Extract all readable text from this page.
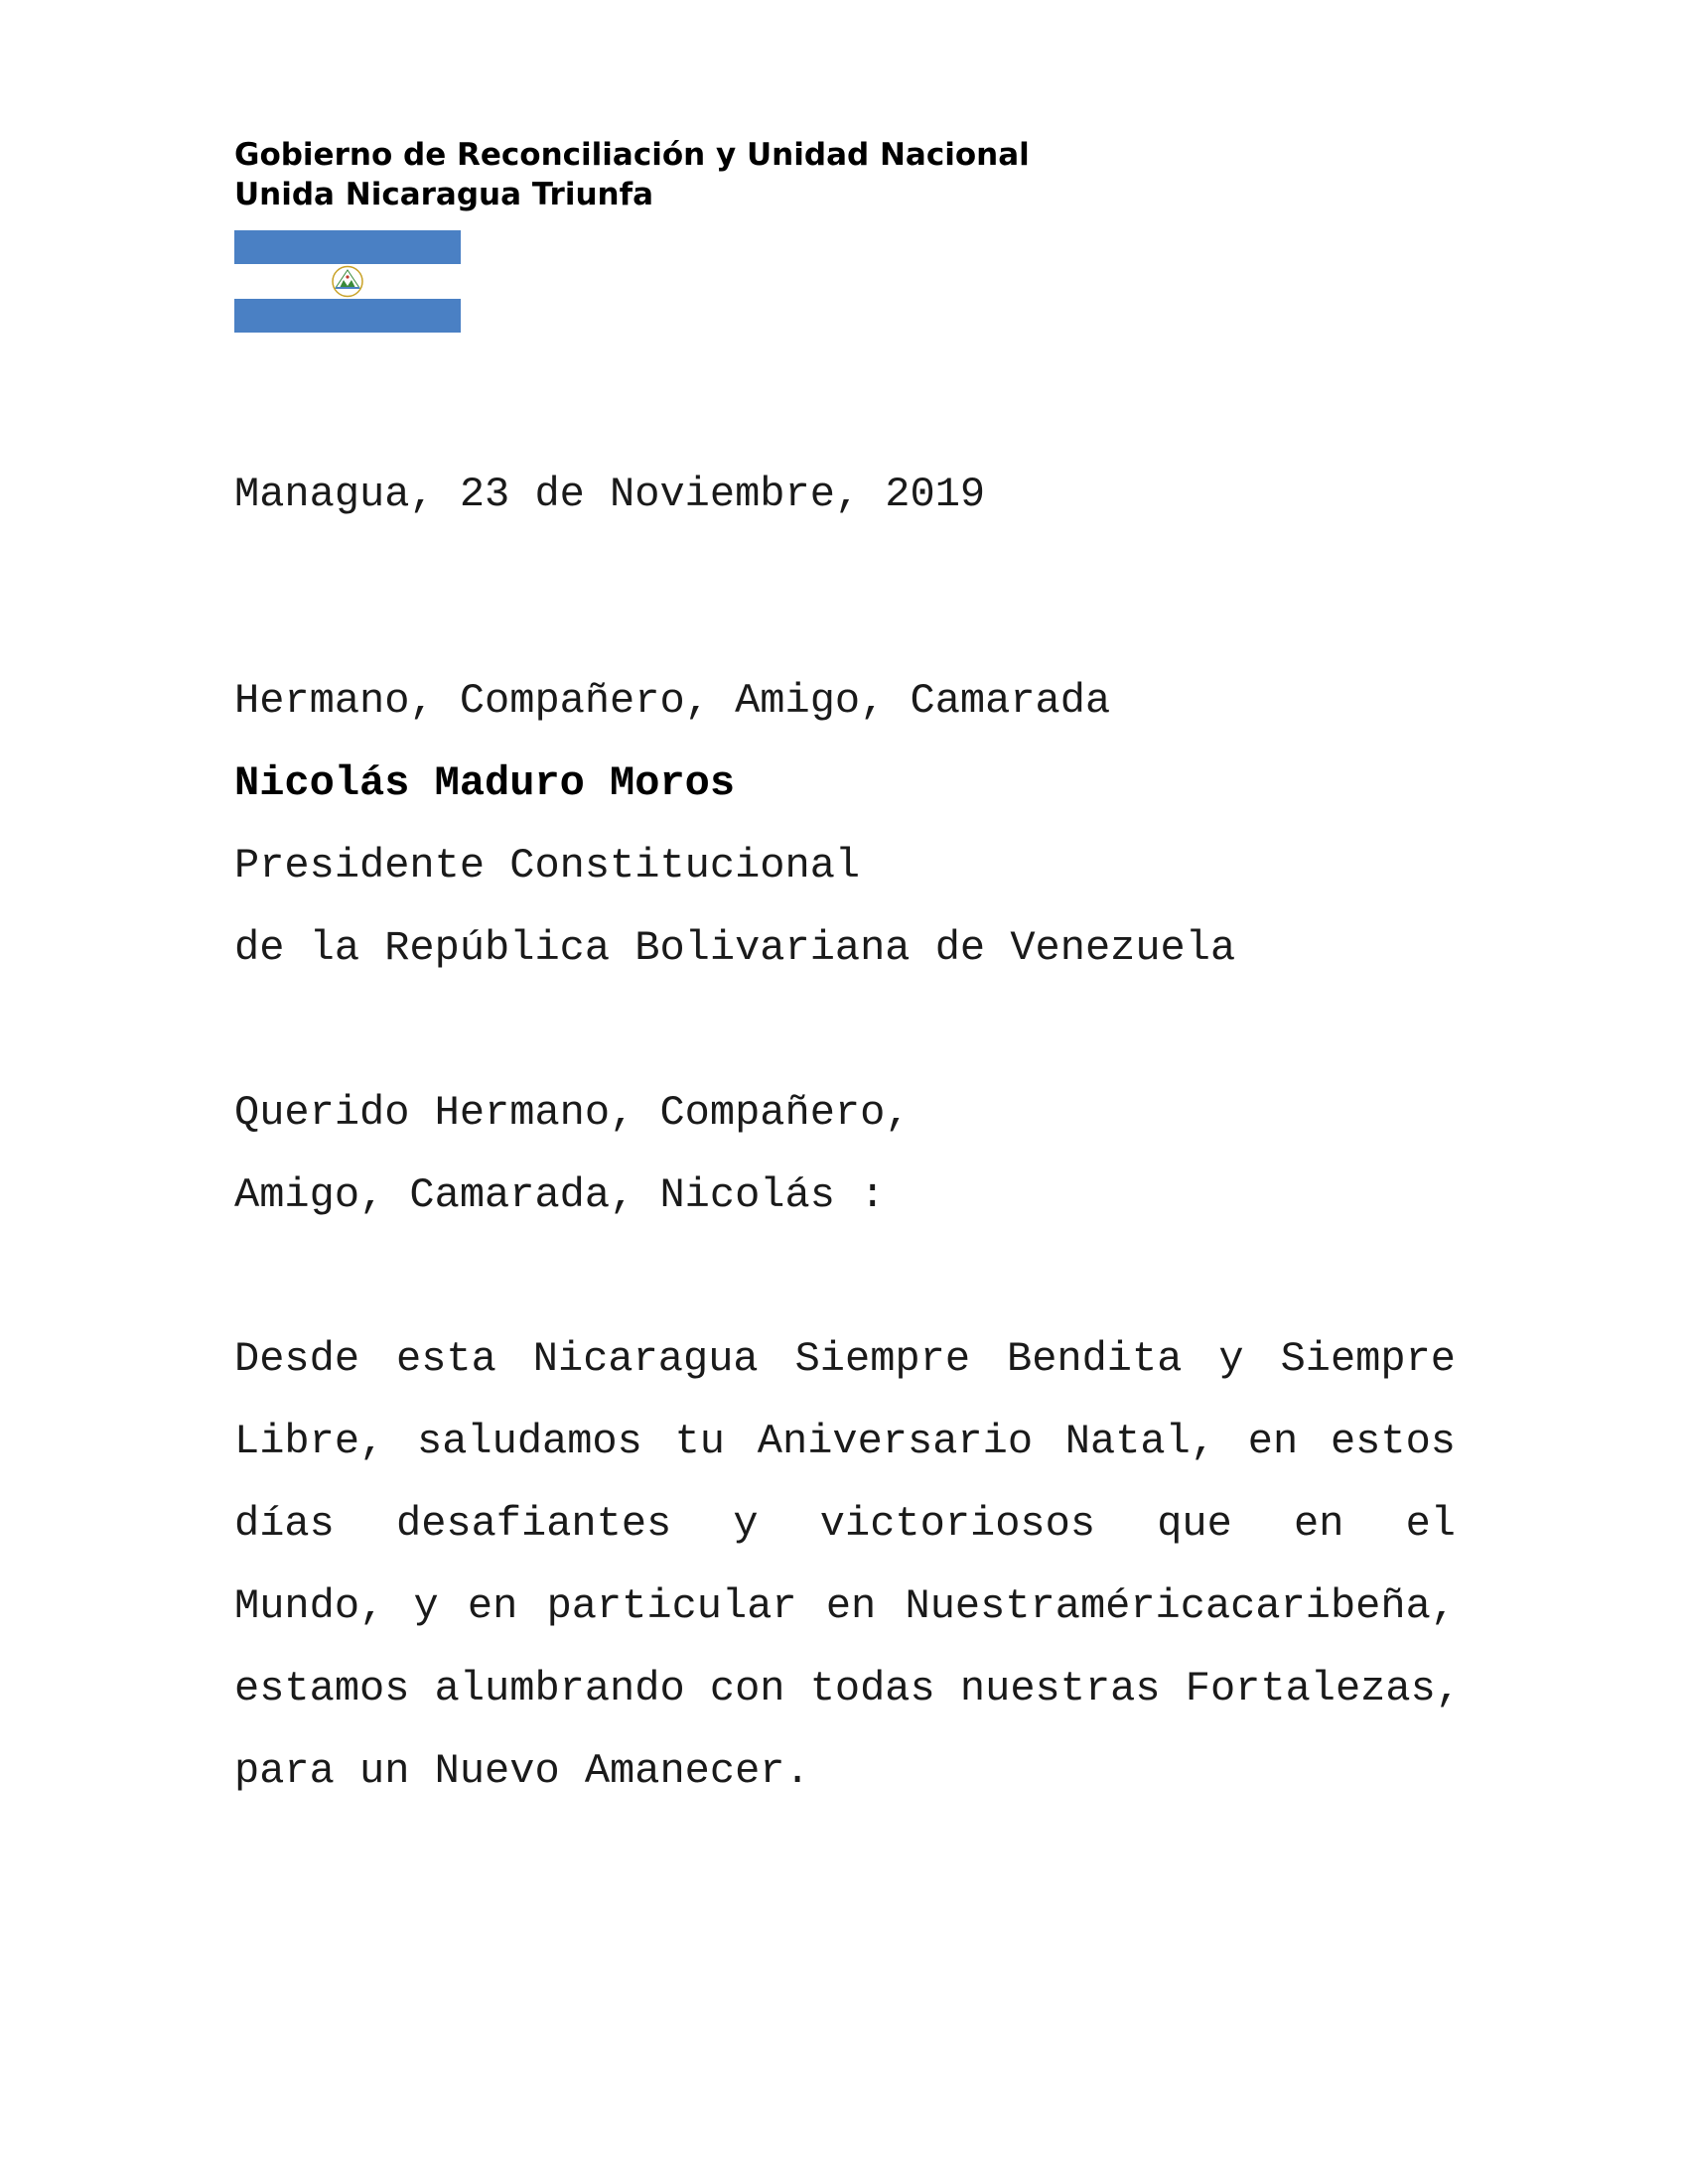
Gobierno de Reconciliación y Unidad Nacional
Unida Nicaragua Triunfa
Managua, 23 de Noviembre, 2019
Hermano, Compañero, Amigo, Camarada
Nicolás Maduro Moros
Presidente Constitucional
de la República Bolivariana de Venezuela
Querido Hermano, Compañero,
Amigo, Camarada, Nicolás :
Desde esta Nicaragua Siempre Bendita y Siempre
Libre, saludamos tu Aniversario Natal, en estos
días desafiantes y victoriosos que en el
Mundo, y en particular en Nuestraméricacaribeña,
estamos alumbrando con todas nuestras Fortalezas,
para un Nuevo Amanecer.
